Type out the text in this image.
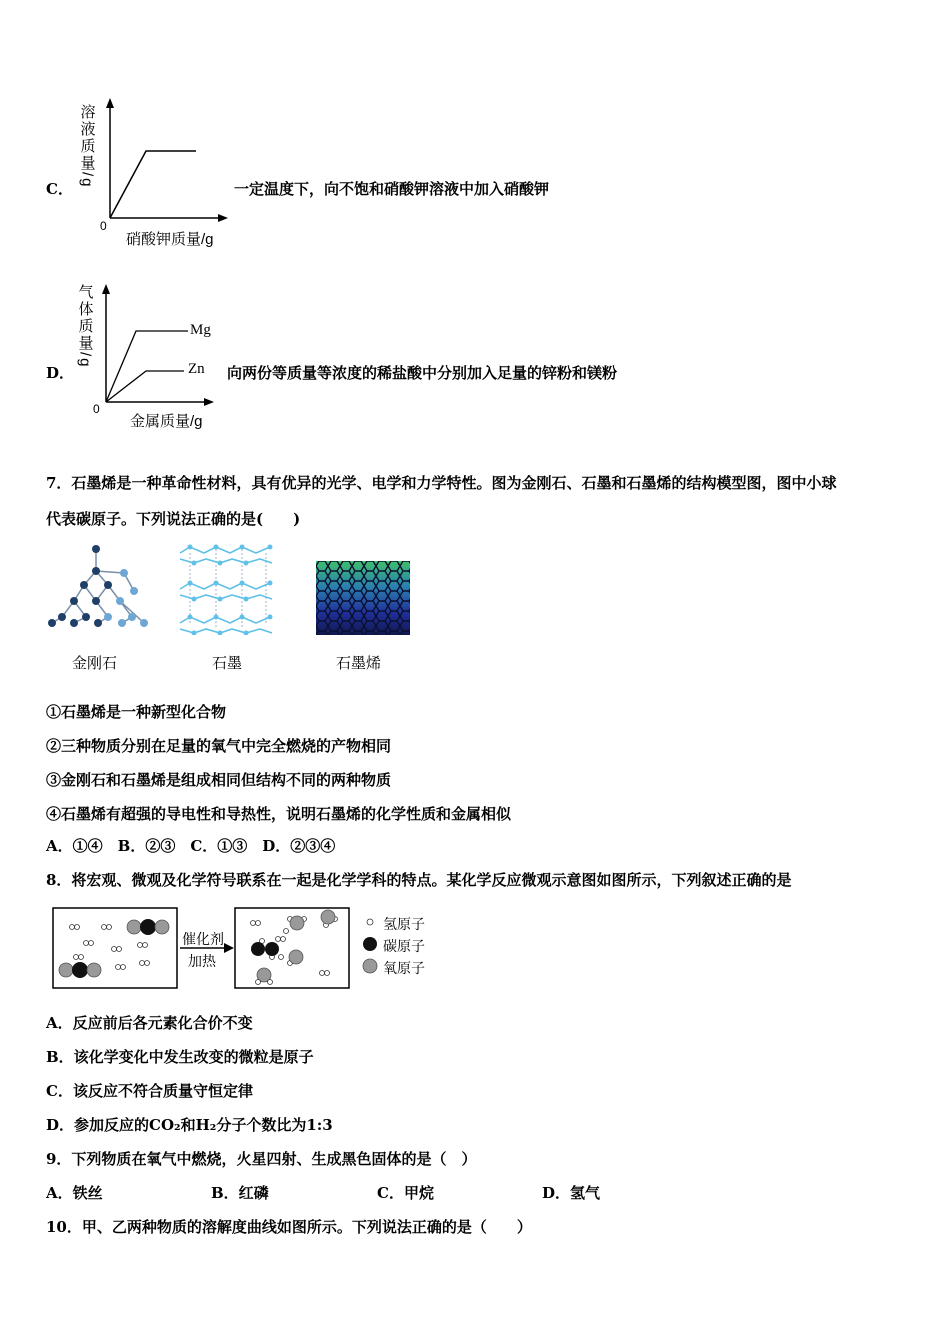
C．
溶液质量/g
0
硝酸钾质量/g
一定温度下，向不饱和硝酸钾溶液中加入硝酸钾
D．
气体质量/g	Mg
Zn
0
金属质量/g
向两份等质量等浓度的稀盐酸中分别加入足量的锌粉和镁粉
7．石墨烯是一种革命性材料，具有优异的光学、电学和力学特性。图为金刚石、石墨和石墨烯的结构模型图，图中小球
代表碳原子。下列说法正确的是(　　)
金刚石	石墨	石墨烯
①石墨烯是一种新型化合物
②三种物质分别在足量的氧气中完全燃烧的产物相同
③金刚石和石墨烯是组成相同但结构不同的两种物质
④石墨烯有超强的导电性和导热性，说明石墨烯的化学性质和金属相似
A．①④　B．②③　C．①③　D．②③④
8．将宏观、微观及化学符号联系在一起是化学学科的特点。某化学反应微观示意图如图所示，下列叙述正确的是
催化剂
加热
氢原子
碳原子
氧原子
A．反应前后各元素化合价不变
B．该化学变化中发生改变的微粒是原子
C．该反应不符合质量守恒定律
D．参加反应的CO₂和H₂分子个数比为1:3
9．下列物质在氧气中燃烧，火星四射、生成黑色固体的是（　）
A．铁丝	B．红磷	C．甲烷	D．氢气
10．甲、乙两种物质的溶解度曲线如图所示。下列说法正确的是（　　）
